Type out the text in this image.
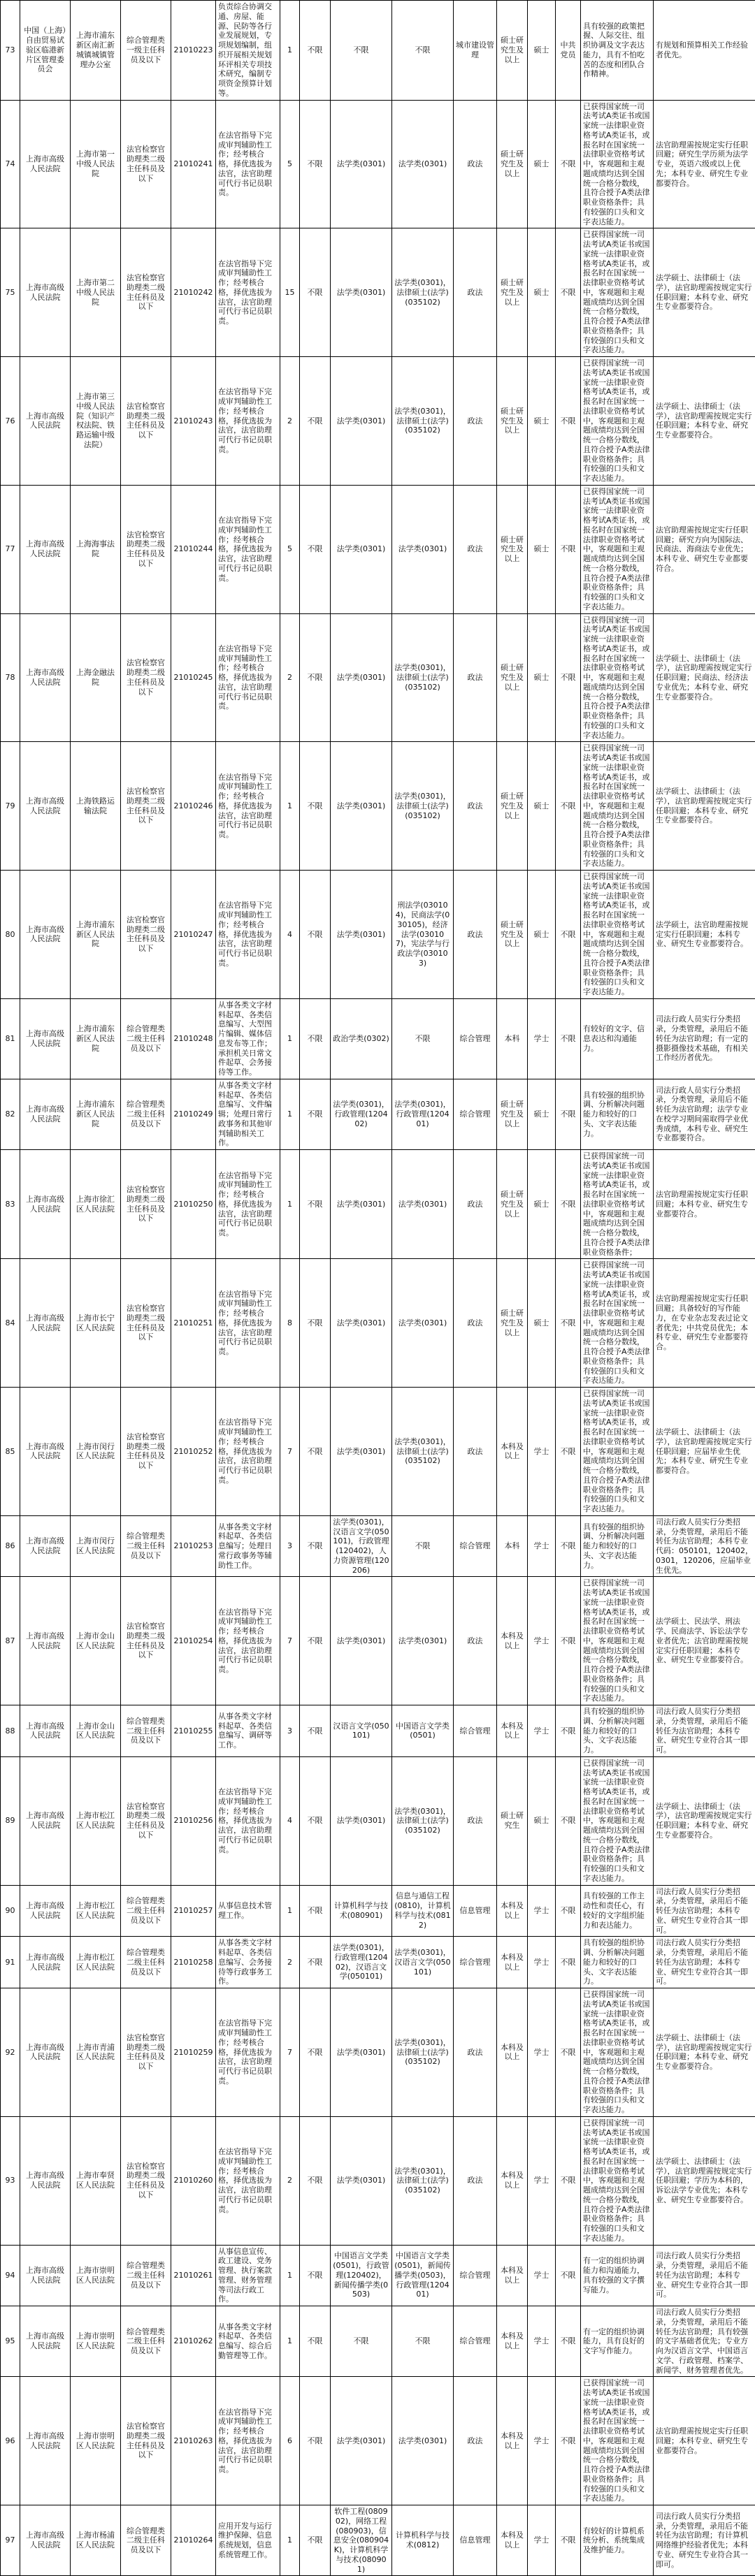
73	中国（上海）自由贸易试验区临港新片区管理委员会	上海市浦东新区南汇新城镇城镇管理办公室	综合管理类一级主任科员及以下	21010223	负责综合协调交通、房屋、能源、民防等各行业发展规划，专项规划编制，组织开展相关规划环评相关专项技术研究，编制专项资金预算计划等。	1	不限	不限	不限	城市建设管理	硕士研究生及以上	硕士	中共党员	具有较强的政策把握、人际交往、组织协调及文字表达能力，具有不怕吃苦的态度和团队合作精神。	有规划和预算相关工作经验者优先。
74	上海市高级人民法院	上海市第一中级人民法院	法官检察官助理类二级主任科员及以下	21010241	在法官指导下完成审判辅助性工作；经考核合格，择优选拔为法官，法官助理可代行书记员职责。	5	不限	法学类(0301)	法学类(0301)	政法	硕士研究生及以上	硕士	不限	已获得国家统一司法考试A类证书或国家统一法律职业资格考试A类证书，或报名时在国家统一法律职业资格考试中，客观题和主观题成绩均达到全国统一合格分数线，且符合授予A类法律职业资格条件；具有较强的口头和文字表达能力。	法官助理需按规定实行任职回避；研究生学历须为法学专业，英语六级或以上优先；本科专业、研究生专业都要符合。
75	上海市高级人民法院	上海市第二中级人民法院	法官检察官助理类二级主任科员及以下	21010242	在法官指导下完成审判辅助性工作；经考核合格，择优选拔为法官，法官助理可代行书记员职责。	15	不限	法学类(0301)	法学类(0301)，法律硕士(法学)(035102)	政法	硕士研究生及以上	硕士	不限	已获得国家统一司法考试A类证书或国家统一法律职业资格考试A类证书，或报名时在国家统一法律职业资格考试中，客观题和主观题成绩均达到全国统一合格分数线，且符合授予A类法律职业资格条件；具有较强的口头和文字表达能力。	法学硕士、法律硕士（法学），法官助理需按规定实行任职回避；本科专业、研究生专业都要符合。
76	上海市高级人民法院	上海市第三中级人民法院（知识产权法院、铁路运输中级法院）	法官检察官助理类二级主任科员及以下	21010243	在法官指导下完成审判辅助性工作；经考核合格，择优选拔为法官，法官助理可代行书记员职责。	2	不限	法学类(0301)	法学类(0301)，法律硕士(法学)(035102)	政法	硕士研究生及以上	硕士	不限	已获得国家统一司法考试A类证书或国家统一法律职业资格考试A类证书，或报名时在国家统一法律职业资格考试中，客观题和主观题成绩均达到全国统一合格分数线，且符合授予A类法律职业资格条件；具有较强的口头和文字表达能力。	法学硕士、法律硕士（法学），法官助理需按规定实行任职回避；本科专业、研究生专业都要符合。
77	上海市高级人民法院	上海海事法院	法官检察官助理类二级主任科员及以下	21010244	在法官指导下完成审判辅助性工作；经考核合格，择优选拔为法官，法官助理可代行书记员职责。	5	不限	法学类(0301)	法学类(0301)	政法	硕士研究生及以上	硕士	不限	已获得国家统一司法考试A类证书或国家统一法律职业资格考试A类证书，或报名时在国家统一法律职业资格考试中，客观题和主观题成绩均达到全国统一合格分数线，且符合授予A类法律职业资格条件；具有较强的口头和文字表达能力。	法官助理需按规定实行任职回避；研究方向为国际法、民商法、海商法专业优先；本科专业、研究生专业都要符合。
78	上海市高级人民法院	上海金融法院	法官检察官助理类二级主任科员及以下	21010245	在法官指导下完成审判辅助性工作；经考核合格，择优选拔为法官，法官助理可代行书记员职责。	2	不限	法学类(0301)	法学类(0301)，法律硕士(法学)(035102)	政法	硕士研究生及以上	硕士	不限	已获得国家统一司法考试A类证书或国家统一法律职业资格考试A类证书，或报名时在国家统一法律职业资格考试中，客观题和主观题成绩均达到全国统一合格分数线，且符合授予A类法律职业资格条件；具有较强的口头和文字表达能力。	法学硕士、法律硕士（法学），法官助理需按规定实行任职回避；民商法、经济法专业优先；本科专业、研究生专业都要符合。
79	上海市高级人民法院	上海铁路运输法院	法官检察官助理类二级主任科员及以下	21010246	在法官指导下完成审判辅助性工作；经考核合格，择优选拔为法官，法官助理可代行书记员职责。	1	不限	法学类(0301)	法学类(0301)，法律硕士(法学)(035102)	政法	硕士研究生及以上	硕士	不限	已获得国家统一司法考试A类证书或国家统一法律职业资格考试A类证书，或报名时在国家统一法律职业资格考试中，客观题和主观题成绩均达到全国统一合格分数线，且符合授予A类法律职业资格条件；具有较强的口头和文字表达能力。	法学硕士、法律硕士（法学），法官助理需按规定实行任职回避；本科专业、研究生专业都要符合。
80	上海市高级人民法院	上海市浦东新区人民法院	法官检察官助理类二级主任科员及以下	21010247	在法官指导下完成审判辅助性工作；经考核合格，择优选拔为法官，法官助理可代行书记员职责。	4	不限	法学类(0301)	刑法学(030104)，民商法学(030105)，经济法学(030107)，宪法学与行政法学(030103)	政法	硕士研究生及以上	硕士	不限	已获得国家统一司法考试A类证书或国家统一法律职业资格考试A类证书，或报名时在国家统一法律职业资格考试中，客观题和主观题成绩均达到全国统一合格分数线，且符合授予A类法律职业资格条件；具有较强的口头和文字表达能力。	法学硕士，法官助理需按规定实行任职回避；本科专业、研究生专业都要符合。
81	上海市高级人民法院	上海市浦东新区人民法院	综合管理类二级主任科员及以下	21010248	从事各类文字材料起草、各类信息编写、大型图片编辑、媒体信息发布等工作；承担机关日常文件起草、会务接待等工作。	1	不限	政治学类(0302)	不限	综合管理	本科	学士	不限	有较好的文字、信息表达和沟通能力。	司法行政人员实行分类招录，分类管理，录用后不能转任为法官助理；有一定的摄影摄像技术基础，有相关工作经历者优先。
82	上海市高级人民法院	上海市浦东新区人民法院	综合管理类二级主任科员及以下	21010249	从事各类文字材料起草、各类信息编写、文件编辑；处理日常行政事务和其他审判辅助相关工作。	1	不限	法学类(0301)，行政管理(120402)	法学类(0301)，行政管理(120401)	综合管理	硕士研究生及以上	硕士	不限	具有较强的组织协调、分析解决问题能力和较好的口头、文字表达能力。	司法行政人员实行分类招录，分类管理，录用后不能转任为法官助理；法学专业在校学习期间需取得学业优秀成绩，本科专业、研究生专业都要符合。
83	上海市高级人民法院	上海市徐汇区人民法院	法官检察官助理类二级主任科员及以下	21010250	在法官指导下完成审判辅助性工作；经考核合格，择优选拔为法官，法官助理可代行书记员职责。	1	不限	法学类(0301)	法学类(0301)	政法	硕士研究生及以上	硕士	不限	已获得国家统一司法考试A类证书或国家统一法律职业资格考试A类证书，或报名时在国家统一法律职业资格考试中，客观题和主观题成绩均达到全国统一合格分数线，且符合授予A类法律职业资格条件；	法官助理需按规定实行任职回避；本科专业、研究生专业都要符合。
84	上海市高级人民法院	上海市长宁区人民法院	法官检察官助理类二级主任科员及以下	21010251	在法官指导下完成审判辅助性工作；经考核合格，择优选拔为法官，法官助理可代行书记员职责。	8	不限	法学类(0301)	法学类(0301)	政法	硕士研究生及以上	硕士	不限	已获得国家统一司法考试A类证书或国家统一法律职业资格考试A类证书，或报名时在国家统一法律职业资格考试中，客观题和主观题成绩均达到全国统一合格分数线，且符合授予A类法律职业资格条件；具有较强的口头和文字表达能力。	法官助理需按规定实行任职回避；具备较好的写作能力，在专业杂志发表过论文者优先；中共党员优先；本科专业、研究生专业都要符合。
85	上海市高级人民法院	上海市闵行区人民法院	法官检察官助理类二级主任科员及以下	21010252	在法官指导下完成审判辅助性工作；经考核合格，择优选拔为法官，法官助理可代行书记员职责。	7	不限	法学类(0301)	法学类(0301)，法律硕士(法学)(035102)	政法	本科及以上	学士	不限	已获得国家统一司法考试A类证书或国家统一法律职业资格考试A类证书，或报名时在国家统一法律职业资格考试中，客观题和主观题成绩均达到全国统一合格分数线，且符合授予A类法律职业资格条件；具有较强的口头和文字表达能力。	法学硕士、法律硕士（法学），法官助理需按规定实行任职回避；应届毕业生优先；本科专业、研究生专业都要符合。
86	上海市高级人民法院	上海市闵行区人民法院	综合管理类二级主任科员及以下	21010253	从事各类文字材料起草、各类信息编写；处理日常行政事务等辅助性工作。	3	不限	法学类(0301)，汉语言文学(050101)，行政管理(120402)，人力资源管理(120206)	不限	综合管理	本科	学士	不限	具有较强的组织协调、分析解决问题能力和较好的口头、文字表达能力。	司法行政人员实行分类招录，分类管理，录用后不能转任为法官助理；本科专业代码：050101，120402，0301，120206，应届毕业生优先。
87	上海市高级人民法院	上海市金山区人民法院	法官检察官助理类二级主任科员及以下	21010254	在法官指导下完成审判辅助性工作；经考核合格，择优选拔为法官，法官助理可代行书记员职责。	7	不限	法学类(0301)	法学类(0301)	政法	本科及以上	学士	不限	已获得国家统一司法考试A类证书或国家统一法律职业资格考试A类证书，或报名时在国家统一法律职业资格考试中，客观题和主观题成绩均达到全国统一合格分数线，且符合授予A类法律职业资格条件；具有较强的口头和文字表达能力。	法学硕士、民法学、刑法学、民商法学、诉讼法学专业者优先；法官助理需按规定实行任职回避；本科专业、研究生专业都要符合。
88	上海市高级人民法院	上海市金山区人民法院	综合管理类二级主任科员及以下	21010255	从事各类文字材料起草、各类信息编写、调研等工作。	3	不限	汉语言文学(050101)	中国语言文学类(0501)	综合管理	本科及以上	学士	不限	具有较强的组织协调、分析解决问题能力和较好的口头、文字表达能力。	司法行政人员实行分类招录，分类管理，录用后不能转任为法官助理；本科专业、研究生专业符合其一即可。
89	上海市高级人民法院	上海市松江区人民法院	法官检察官助理类二级主任科员及以下	21010256	在法官指导下完成审判辅助性工作；经考核合格，择优选拔为法官，法官助理可代行书记员职责。	4	不限	法学类(0301)	法学类(0301)，法律硕士(法学)(035102)	政法	硕士研究生	硕士	不限	已获得国家统一司法考试A类证书或国家统一法律职业资格考试A类证书，或报名时在国家统一法律职业资格考试中，客观题和主观题成绩均达到全国统一合格分数线，且符合授予A类法律职业资格条件；具有较强的口头和文字表达能力。	法学硕士、法律硕士（法学），法官助理需按规定实行任职回避；本科专业、研究生专业都要符合。
90	上海市高级人民法院	上海市松江区人民法院	综合管理类二级主任科员及以下	21010257	从事信息技术管理工作。	1	不限	计算机科学与技术(080901)	信息与通信工程(0810)，计算机科学与技术(0812)	信息管理	本科及以上	学士	不限	具有较强的工作主动性和责任心，有较好的文字组织能力和表达能力。	司法行政人员实行分类招录，分类管理，录用后不能转任为法官助理；本科专业、研究生专业符合其一即可。
91	上海市高级人民法院	上海市松江区人民法院	综合管理类二级主任科员及以下	21010258	从事各类文字材料起草、各类信息编写、会务接待等行政事务工作。	2	不限	法学类(0301)，行政管理(120402)，汉语言文学(050101)	法学类(0301)，汉语言文学(050101)	综合管理	本科及以上	学士	不限	具有较强的组织协调、分析解决问题能力和较好的口头、文字表达能力。	司法行政人员实行分类招录，分类管理，录用后不能转任为法官助理；本科专业、研究生专业符合其一即可。
92	上海市高级人民法院	上海市青浦区人民法院	法官检察官助理类二级主任科员及以下	21010259	在法官指导下完成审判辅助性工作；经考核合格，择优选拔为法官，法官助理可代行书记员职责。	7	不限	法学类(0301)	法学类(0301)，法律硕士(法学)(035102)	政法	本科及以上	学士	不限	已获得国家统一司法考试A类证书或国家统一法律职业资格考试A类证书，或报名时在国家统一法律职业资格考试中，客观题和主观题成绩均达到全国统一合格分数线，且符合授予A类法律职业资格条件；具有较强的口头和文字表达能力。	法学硕士、法律硕士（法学），法官助理需按规定实行任职回避；本科专业、研究生专业都要符合。
93	上海市高级人民法院	上海市奉贤区人民法院	法官检察官助理类二级主任科员及以下	21010260	在法官指导下完成审判辅助性工作；经考核合格，择优选拔为法官，法官助理可代行书记员职责。	2	不限	法学类(0301)	法学类(0301)，法律硕士(法学)(035102)	政法	本科及以上	学士	不限	已获得国家统一司法考试A类证书或国家统一法律职业资格考试A类证书，或报名时在国家统一法律职业资格考试中，客观题和主观题成绩均达到全国统一合格分数线，且符合授予A类法律职业资格条件；具有较强的口头和文字表达能力。	法学硕士、法律硕士（法学），法官助理需按规定实行任职回避；学历为本科的，诉讼法学专业优先；本科专业、研究生专业都要符合。
94	上海市高级人民法院	上海市崇明区人民法院	综合管理类二级主任科员及以下	21010261	从事信息宣传、政工建设、党务管理、执行案款管理、财务管理等司法行政工作。	1	不限	中国语言文学类(0501)，行政管理(120402)，新闻传播学类(0503)	中国语言文学类(0501)，新闻传播学类(0503)，行政管理(120401)	综合管理	本科及以上	学士	不限	有一定的组织协调能力和沟通能力，具有较强的文字撰写能力。	司法行政人员实行分类招录，分类管理，录用后不能转任为法官助理；本科专业、研究生专业符合其一即可。
95	上海市高级人民法院	上海市崇明区人民法院	综合管理类二级主任科员及以下	21010262	从事各类文字材料起草、各类信息编写、综合后勤管理等工作。	1	不限	不限	不限	综合管理	本科及以上	学士	不限	有一定的组织协调能力，具有良好的文字写作能力。	司法行政人员实行分类招录，分类管理，录用后不能转任为法官助理；具有较强的文字基础者优先；专业方向为汉语言文学、中国语言文学、行政管理、档案学、新闻学、财务管理者优先。
96	上海市高级人民法院	上海市崇明区人民法院	法官检察官助理类二级主任科员及以下	21010263	在法官指导下完成审判辅助性工作；经考核合格，择优选拔为法官，法官助理可代行书记员职责。	6	不限	法学类(0301)	法学类(0301)	政法	本科及以上	学士	不限	已获得国家统一司法考试A类证书或国家统一法律职业资格考试A类证书，或报名时在国家统一法律职业资格考试中，客观题和主观题成绩均达到全国统一合格分数线，且符合授予A类法律职业资格条件；具有较强的口头和文字表达能力。	法官助理需按规定实行任职回避；本科专业、研究生专业都要符合。
97	上海市高级人民法院	上海市杨浦区人民法院	综合管理类二级主任科员及以下	21010264	应用开发与运行维护保障、信息系统规划，信息系统管理工作。	1	不限	软件工程(080902)，网络工程(080903)，信息安全(080904K)，计算机科学与技术(080901)	计算机科学与技术(0812)	信息管理	本科及以上	学士	不限	有较好的计算机系统分析、系统集成及维护能力。	司法行政人员实行分类招录，分类管理，录用后不能转任为法官助理；有计算机网络维护经验者优先；本科专业、研究生专业符合其一即可。
